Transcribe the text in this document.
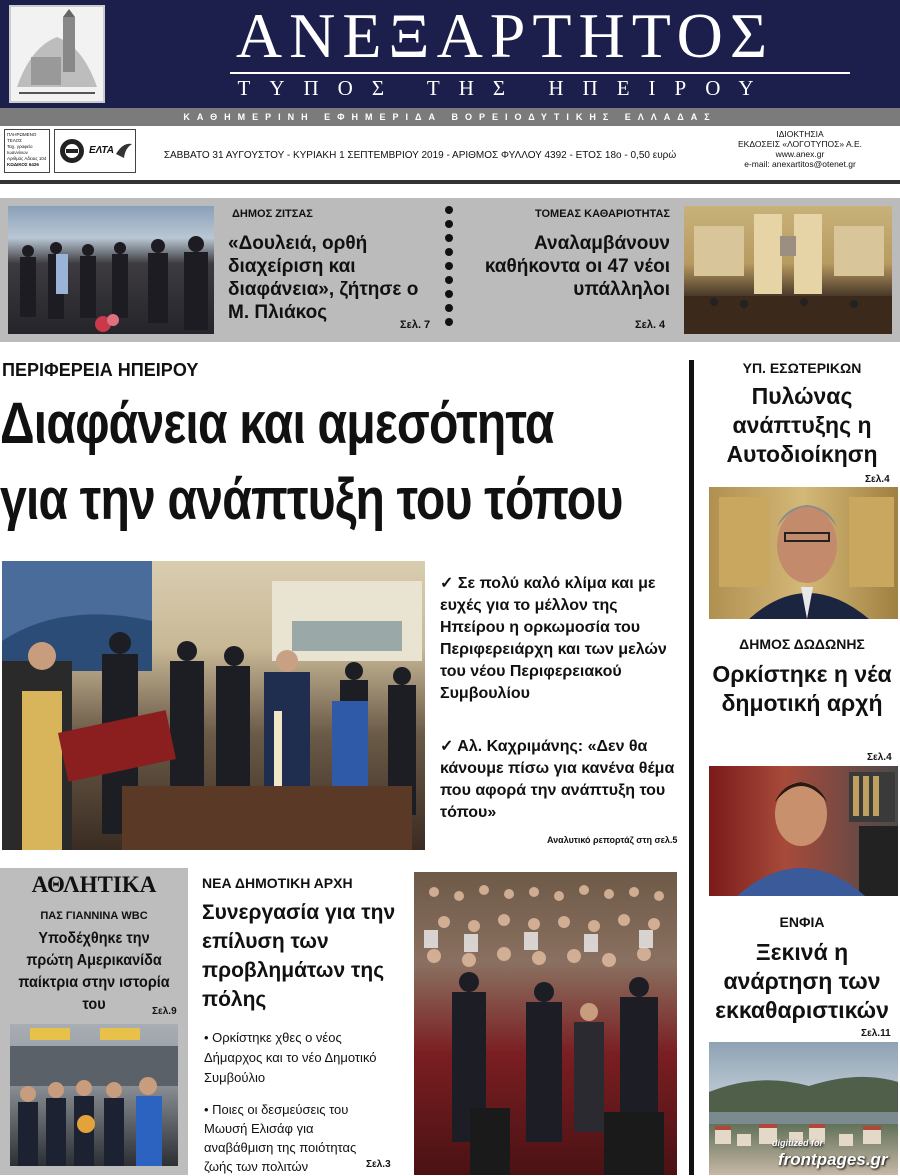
ΑΝΕΞΑΡΤΗΤΟΣ
ΤΥΠΟΣ ΤΗΣ ΗΠΕΙΡΟΥ
ΚΑΘΗΜΕΡΙΝΗ ΕΦΗΜΕΡΙΔΑ ΒΟΡΕΙΟΔΥΤΙΚΗΣ ΕΛΛΑΔΑΣ
ΠΛΗΡΩΜΕΝΟ ΤΕΛΟΣ
Ταχ. γραφείο Ιωαννίνων
Αριθμός Αδειας 104
ΚΩΔΙΚΟΣ 6426
ΕΛΤΑ	ΣΑΒΒΑΤΟ 31 ΑΥΓΟΥΣΤΟΥ - ΚΥΡΙΑΚΗ 1 ΣΕΠΤΕΜΒΡΙΟΥ 2019 - ΑΡΙΘΜΟΣ ΦΥΛΛΟΥ 4392 - ΕΤΟΣ 18ο - 0,50 ευρώ
ΙΔΙΟΚΤΗΣΙΑ
ΕΚΔΟΣΕΙΣ «ΛΟΓΟΤΥΠΟΣ» Α.Ε.
www.anex.gr
e-mail: anexartitos@otenet.gr
ΔΗΜΟΣ ΖΙΤΣΑΣ
«Δουλειά, ορθή διαχείριση και διαφάνεια», ζήτησε ο Μ. Πλιάκος
Σελ. 7
ΤΟΜΕΑΣ ΚΑΘΑΡΙΟΤΗΤΑΣ
Αναλαμβάνουν καθήκοντα οι 47 νέοι υπάλληλοι
Σελ. 4
ΠΕΡΙΦΕΡΕΙΑ ΗΠΕΙΡΟΥ
Διαφάνεια και αμεσότητα
για την ανάπτυξη του τόπου
✓ Σε πολύ καλό κλίμα και με ευχές για το μέλλον της Ηπείρου η ορκωμοσία του Περιφερειάρχη και των μελών του νέου Περιφερειακού Συμβουλίου
✓ Αλ. Καχριμάνης: «Δεν θα κάνουμε πίσω για κανένα θέμα που αφορά την ανάπτυξη του τόπου»
Αναλυτικό ρεπορτάζ στη σελ.5
ΑΘΛΗΤΙΚΑ
ΠΑΣ ΓΙΑΝΝΙΝΑ WBC
Υποδέχθηκε την πρώτη Αμερικανίδα παίκτρια στην ιστορία του	Σελ.9
ΝΕΑ ΔΗΜΟΤΙΚΗ ΑΡΧΗ
Συνεργασία για την επίλυση των προβλημάτων της πόλης
• Ορκίστηκε χθες ο νέος Δήμαρχος και το νέο Δημοτικό Συμβούλιο
• Ποιες οι δεσμεύσεις του Μωυσή Ελισάφ για αναβάθμιση της ποιότητας ζωής των πολιτών	Σελ.3
ΥΠ. ΕΣΩΤΕΡΙΚΩΝ
Πυλώνας ανάπτυξης η Αυτοδιοίκηση
Σελ.4
ΔΗΜΟΣ ΔΩΔΩΝΗΣ
Ορκίστηκε η νέα δημοτική αρχή
Σελ.4
ΕΝΦΙΑ
Ξεκινά η ανάρτηση των εκκαθαριστικών
Σελ.11
digitized for
frontpages.gr
